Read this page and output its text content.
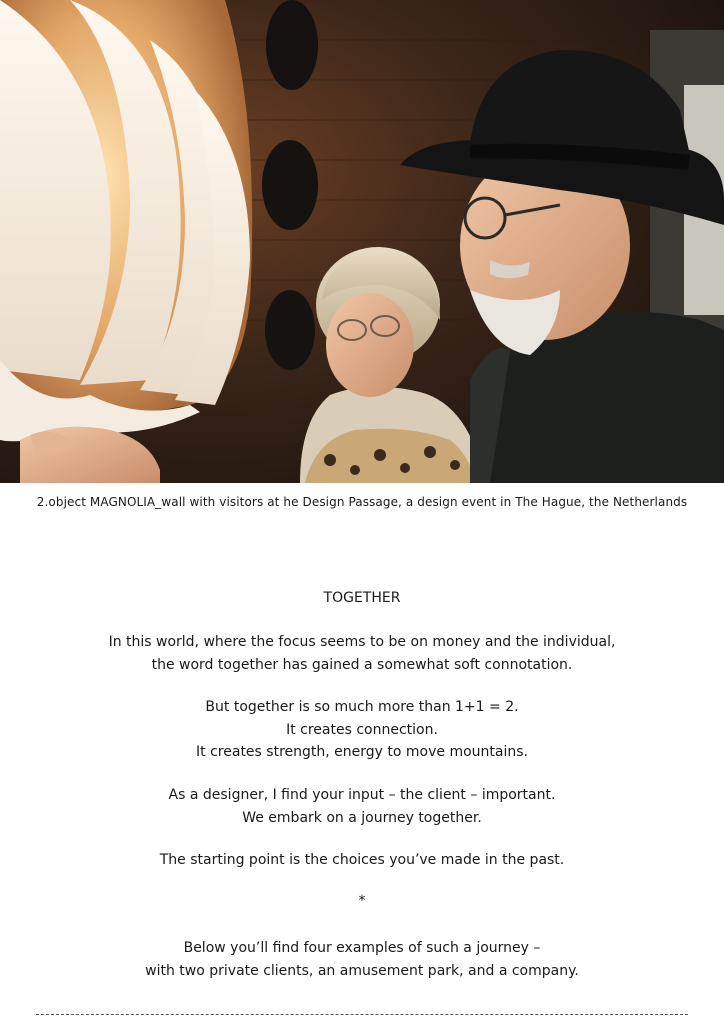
2.object MAGNOLIA_wall with visitors at he Design Passage, a design event in The Hague, the Netherlands
TOGETHER
In this world, where the focus seems to be on money and the individual,
the word together has gained a somewhat soft connotation.
But together is so much more than 1+1 = 2.
It creates connection.
It creates strength, energy to move mountains.
As a designer, I find your input – the client – important.
We embark on a journey together.
The starting point is the choices you’ve made in the past.
*
Below you’ll find four examples of such a journey –
with two private clients, an amusement park, and a company.
